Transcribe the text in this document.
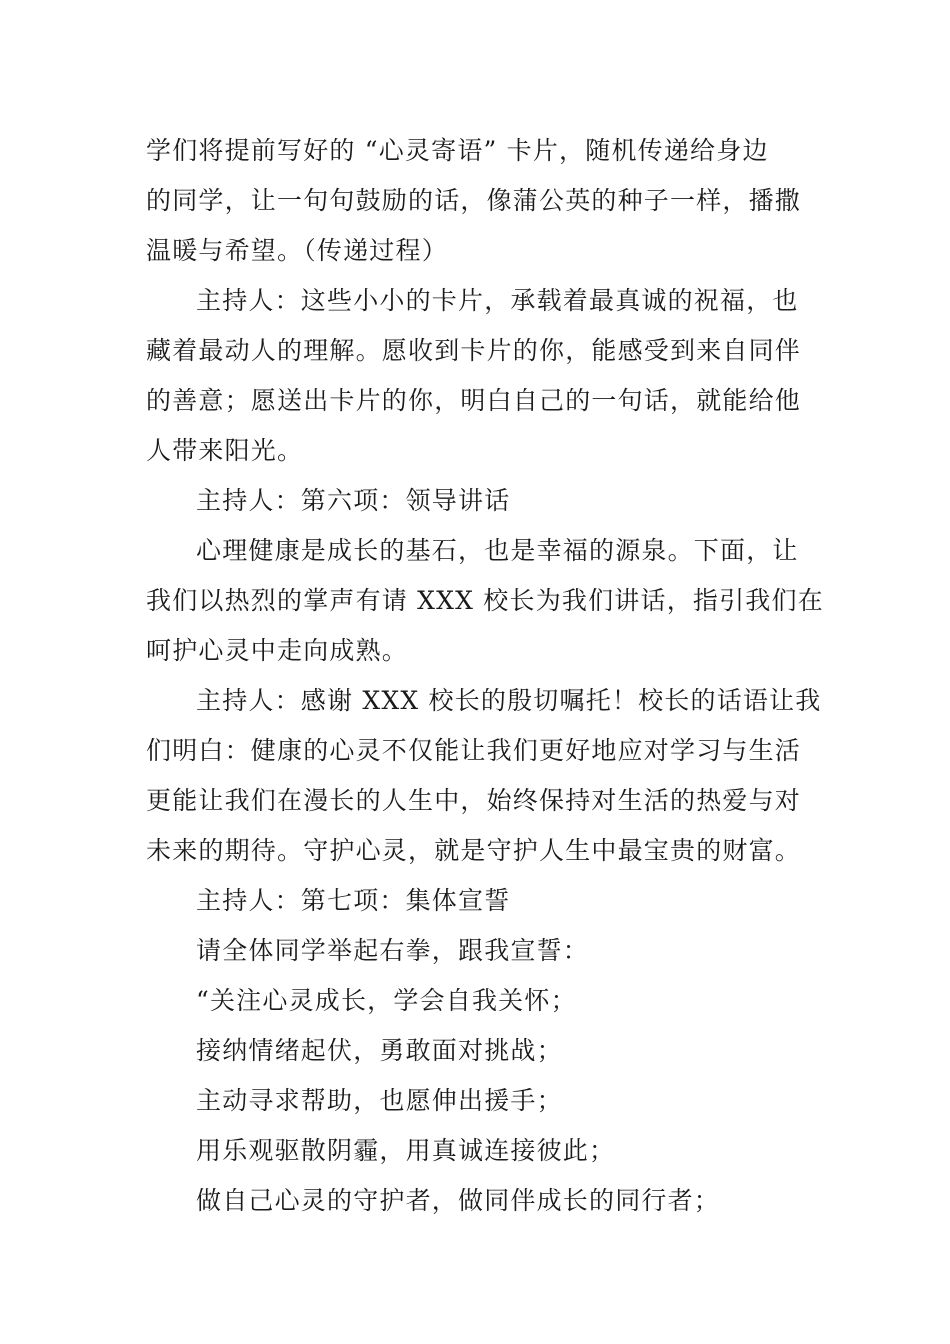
学们将提前写好的 “心灵寄语” 卡片，随机传递给身边
的同学，让一句句鼓励的话，像蒲公英的种子一样，播撒
温暖与希望。（传递过程）
主持人：这些小小的卡片，承载着最真诚的祝福，也
藏着最动人的理解。愿收到卡片的你，能感受到来自同伴
的善意；愿送出卡片的你，明白自己的一句话，就能给他
人带来阳光。
主持人：第六项：领导讲话
心理健康是成长的基石，也是幸福的源泉。下面，让
我们以热烈的掌声有请 XXX 校长为我们讲话，指引我们在
呵护心灵中走向成熟。
主持人：感谢 XXX 校长的殷切嘱托！校长的话语让我
们明白：健康的心灵不仅能让我们更好地应对学习与生活
更能让我们在漫长的人生中，始终保持对生活的热爱与对
未来的期待。守护心灵，就是守护人生中最宝贵的财富。
主持人：第七项：集体宣誓
请全体同学举起右拳，跟我宣誓：
“关注心灵成长，学会自我关怀；
接纳情绪起伏，勇敢面对挑战；
主动寻求帮助，也愿伸出援手；
用乐观驱散阴霾，用真诚连接彼此；
做自己心灵的守护者，做同伴成长的同行者；
